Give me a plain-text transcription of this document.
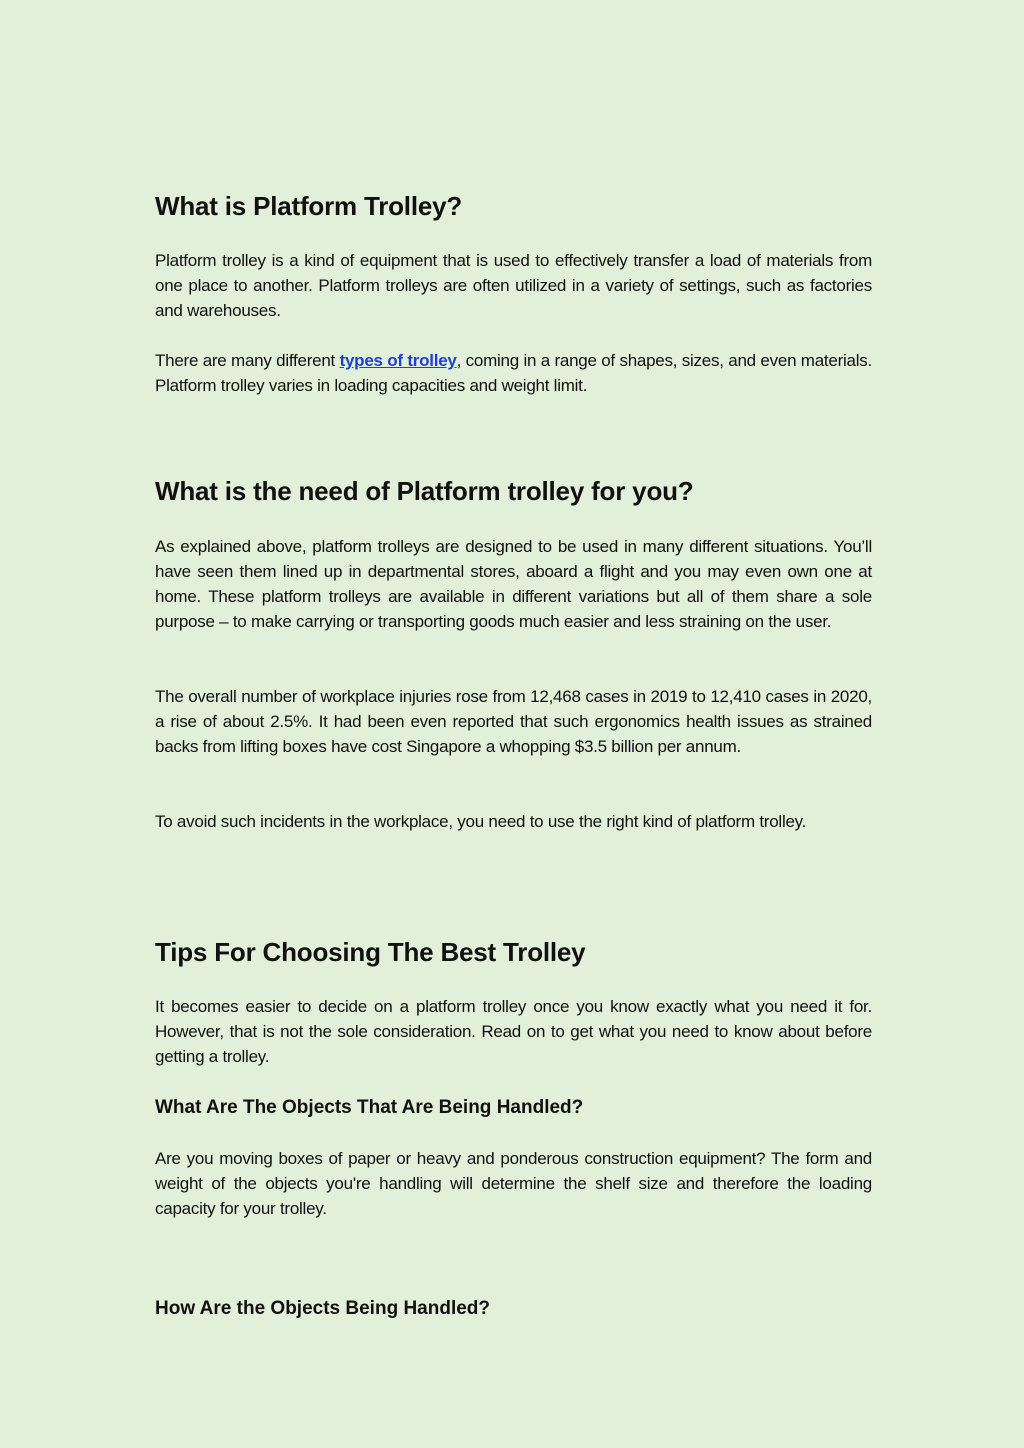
What is Platform Trolley?

Platform trolley is a kind of equipment that is used to effectively transfer a load of materials from one place to another. Platform trolleys are often utilized in a variety of settings, such as factories and warehouses.

There are many different types of trolley, coming in a range of shapes, sizes, and even materials. Platform trolley varies in loading capacities and weight limit.

What is the need of Platform trolley for you?

As explained above, platform trolleys are designed to be used in many different situations. You’ll have seen them lined up in departmental stores, aboard a flight and you may even own one at home. These platform trolleys are available in different variations but all of them share a sole purpose – to make carrying or transporting goods much easier and less straining on the user.

The overall number of workplace injuries rose from 12,468 cases in 2019 to 12,410 cases in 2020, a rise of about 2.5%. It had been even reported that such ergonomics health issues as strained backs from lifting boxes have cost Singapore a whopping $3.5 billion per annum.

To avoid such incidents in the workplace, you need to use the right kind of platform trolley.

Tips For Choosing The Best Trolley

It becomes easier to decide on a platform trolley once you know exactly what you need it for. However, that is not the sole consideration. Read on to get what you need to know about before getting a trolley.

What Are The Objects That Are Being Handled?

Are you moving boxes of paper or heavy and ponderous construction equipment? The form and weight of the objects you're handling will determine the shelf size and therefore the loading capacity for your trolley.

How Are the Objects Being Handled?
